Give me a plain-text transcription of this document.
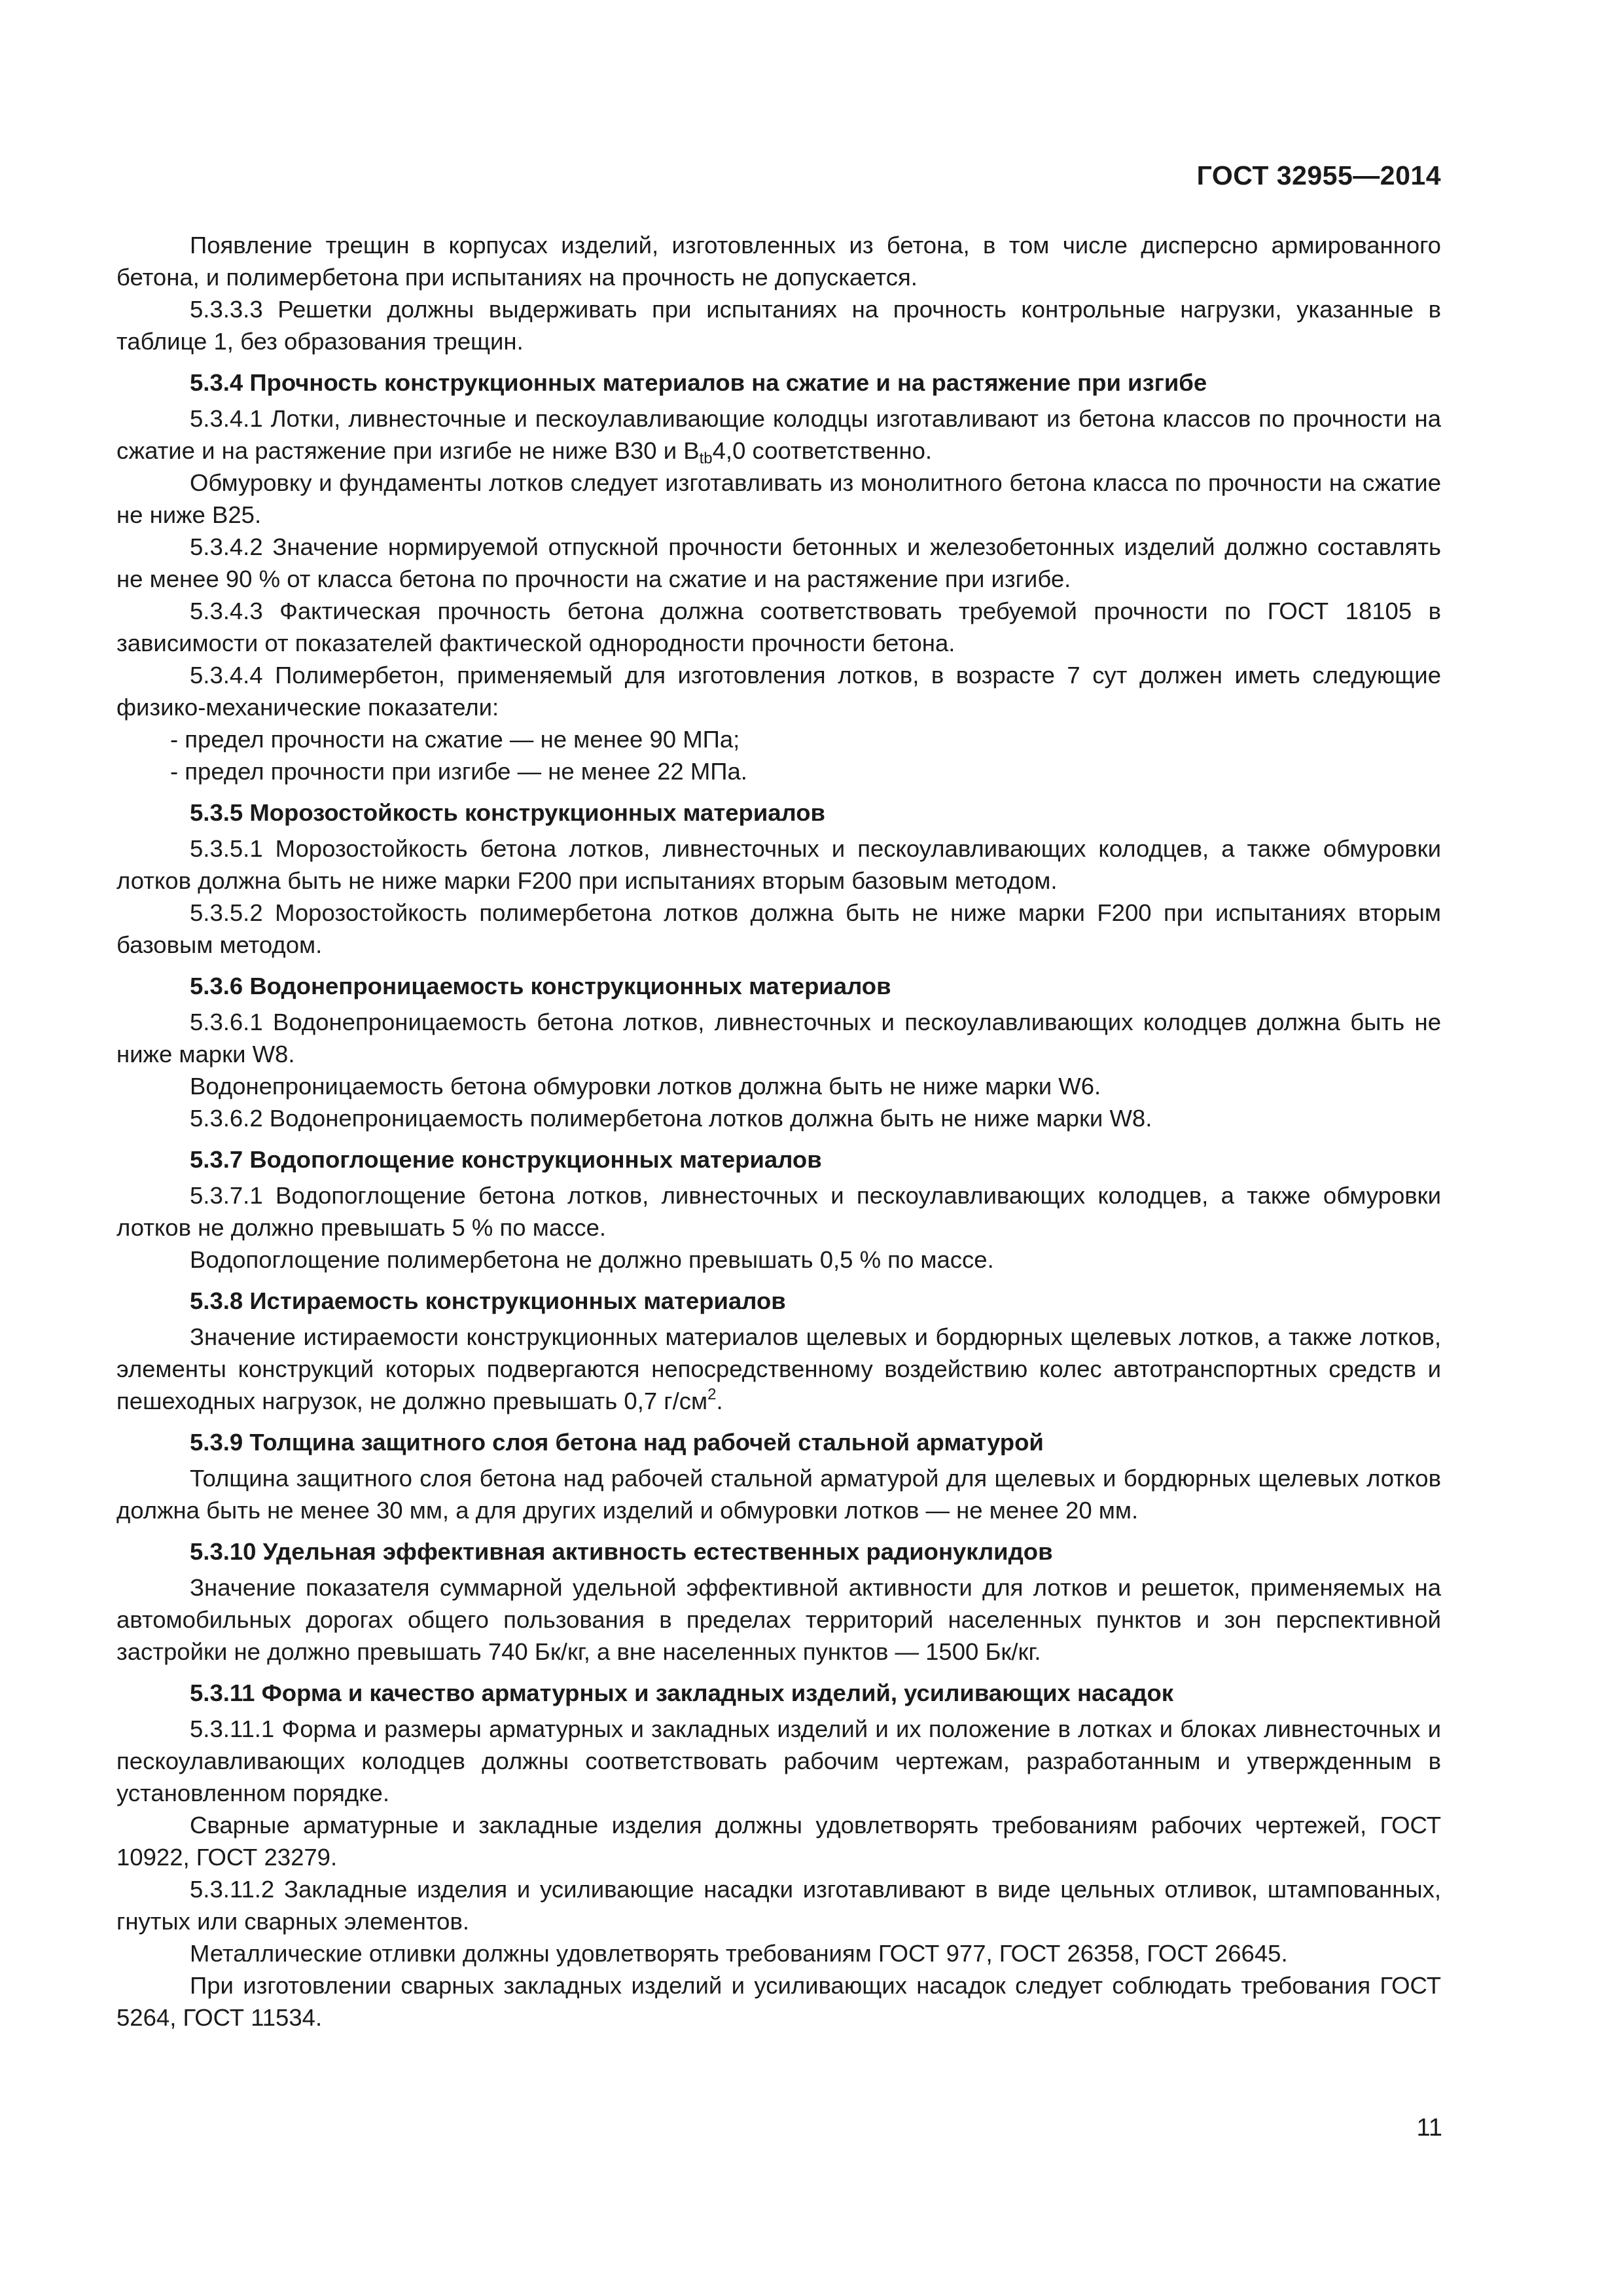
ГОСТ 32955—2014

Появление трещин в корпусах изделий, изготовленных из бетона, в том числе дисперсно армированного бетона, и полимербетона при испытаниях на прочность не допускается.

5.3.3.3 Решетки должны выдерживать при испытаниях на прочность контрольные нагрузки, указанные в таблице 1, без образования трещин.

5.3.4 Прочность конструкционных материалов на сжатие и на растяжение при изгибе

5.3.4.1 Лотки, ливнесточные и пескоулавливающие колодцы изготавливают из бетона классов по прочности на сжатие и на растяжение при изгибе не ниже В30 и $B_{tb}4,0$ соответственно.

Обмуровку и фундаменты лотков следует изготавливать из монолитного бетона класса по прочности на сжатие не ниже В25.

5.3.4.2 Значение нормируемой отпускной прочности бетонных и железобетонных изделий должно составлять не менее 90 % от класса бетона по прочности на сжатие и на растяжение при изгибе.

5.3.4.3 Фактическая прочность бетона должна соответствовать требуемой прочности по ГОСТ 18105 в зависимости от показателей фактической однородности прочности бетона.

5.3.4.4 Полимербетон, применяемый для изготовления лотков, в возрасте 7 сут должен иметь следующие физико-механические показатели:

- предел прочности на сжатие — не менее 90 МПа;

- предел прочности при изгибе — не менее 22 МПа.

5.3.5 Морозостойкость конструкционных материалов

5.3.5.1 Морозостойкость бетона лотков, ливнесточных и пескоулавливающих колодцев, а также обмуровки лотков должна быть не ниже марки F200 при испытаниях вторым базовым методом.

5.3.5.2 Морозостойкость полимербетона лотков должна быть не ниже марки F200 при испытаниях вторым базовым методом.

5.3.6 Водонепроницаемость конструкционных материалов

5.3.6.1 Водонепроницаемость бетона лотков, ливнесточных и пескоулавливающих колодцев должна быть не ниже марки W8.

Водонепроницаемость бетона обмуровки лотков должна быть не ниже марки W6.

5.3.6.2 Водонепроницаемость полимербетона лотков должна быть не ниже марки W8.

5.3.7 Водопоглощение конструкционных материалов

5.3.7.1 Водопоглощение бетона лотков, ливнесточных и пескоулавливающих колодцев, а также обмуровки лотков не должно превышать 5 % по массе.

Водопоглощение полимербетона не должно превышать 0,5 % по массе.

5.3.8 Истираемость конструкционных материалов

Значение истираемости конструкционных материалов щелевых и бордюрных щелевых лотков, а также лотков, элементы конструкций которых подвергаются непосредственному воздействию колес автотранспортных средств и пешеходных нагрузок, не должно превышать 0,7 $г/см^2$.

5.3.9 Толщина защитного слоя бетона над рабочей стальной арматурой

Толщина защитного слоя бетона над рабочей стальной арматурой для щелевых и бордюрных щелевых лотков должна быть не менее 30 мм, а для других изделий и обмуровки лотков — не менее 20 мм.

5.3.10 Удельная эффективная активность естественных радионуклидов

Значение показателя суммарной удельной эффективной активности для лотков и решеток, применяемых на автомобильных дорогах общего пользования в пределах территорий населенных пунктов и зон перспективной застройки не должно превышать 740 Бк/кг, а вне населенных пунктов — 1500 Бк/кг.

5.3.11 Форма и качество арматурных и закладных изделий, усиливающих насадок

5.3.11.1 Форма и размеры арматурных и закладных изделий и их положение в лотках и блоках ливнесточных и пескоулавливающих колодцев должны соответствовать рабочим чертежам, разработанным и утвержденным в установленном порядке.

Сварные арматурные и закладные изделия должны удовлетворять требованиям рабочих чертежей, ГОСТ 10922, ГОСТ 23279.

5.3.11.2 Закладные изделия и усиливающие насадки изготавливают в виде цельных отливок, штампованных, гнутых или сварных элементов.

Металлические отливки должны удовлетворять требованиям ГОСТ 977, ГОСТ 26358, ГОСТ 26645.

При изготовлении сварных закладных изделий и усиливающих насадок следует соблюдать требования ГОСТ 5264, ГОСТ 11534.

11
